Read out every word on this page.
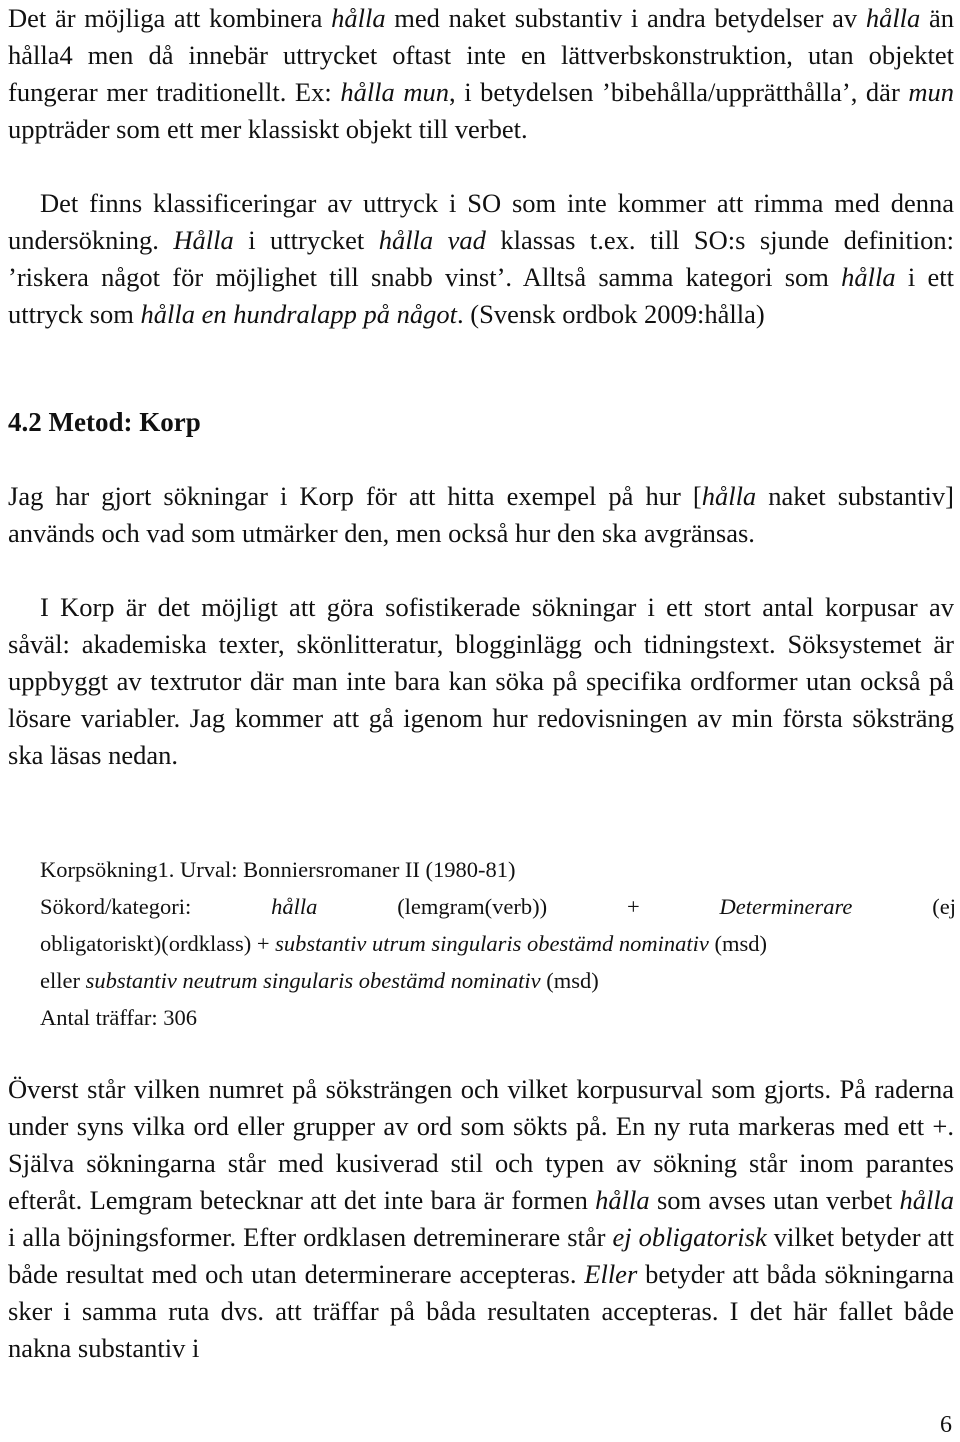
Det är möjliga att kombinera hålla med naket substantiv i andra betydelser av hålla än hålla4 men då innebär uttrycket oftast inte en lättverbskonstruktion, utan objektet fungerar mer traditionellt. Ex: hålla mun, i betydelsen ’bibehålla/upprätthålla’, där mun uppträder som ett mer klassiskt objekt till verbet.

Det finns klassificeringar av uttryck i SO som inte kommer att rimma med denna undersökning. Hålla i uttrycket hålla vad klassas t.ex. till SO:s sjunde definition: ’riskera något för möjlighet till snabb vinst’. Alltså samma kategori som hålla i ett uttryck som hålla en hundralapp på något. (Svensk ordbok 2009:hålla)

4.2 Metod: Korp

Jag har gjort sökningar i Korp för att hitta exempel på hur [hålla naket substantiv] används och vad som utmärker den, men också hur den ska avgränsas.

I Korp är det möjligt att göra sofistikerade sökningar i ett stort antal korpusar av såväl: akademiska texter, skönlitteratur, blogginlägg och tidningstext. Söksystemet är uppbyggt av textrutor där man inte bara kan söka på specifika ordformer utan också på lösare variabler. Jag kommer att gå igenom hur redovisningen av min första söksträng ska läsas nedan.

Korpsökning1. Urval: Bonniersromaner II (1980-81)
Sökord/kategori:	hålla	(lemgram(verb))	+	Determinerare	(ej
obligatoriskt)(ordklass) + substantiv utrum singularis obestämd nominativ (msd)
eller substantiv neutrum singularis obestämd nominativ (msd)
Antal träffar: 306

Överst står vilken numret på söksträngen och vilket korpusurval som gjorts. På raderna under syns vilka ord eller grupper av ord som sökts på. En ny ruta markeras med ett +. Själva sökningarna står med kusiverad stil och typen av sökning står inom parantes efteråt. Lemgram betecknar att det inte bara är formen hålla som avses utan verbet hålla i alla böjningsformer. Efter ordklasen detreminerare står ej obligatorisk vilket betyder att både resultat med och utan determinerare accepteras. Eller betyder att båda sökningarna sker i samma ruta dvs. att träffar på båda resultaten accepteras. I det här fallet både nakna substantiv i

6
